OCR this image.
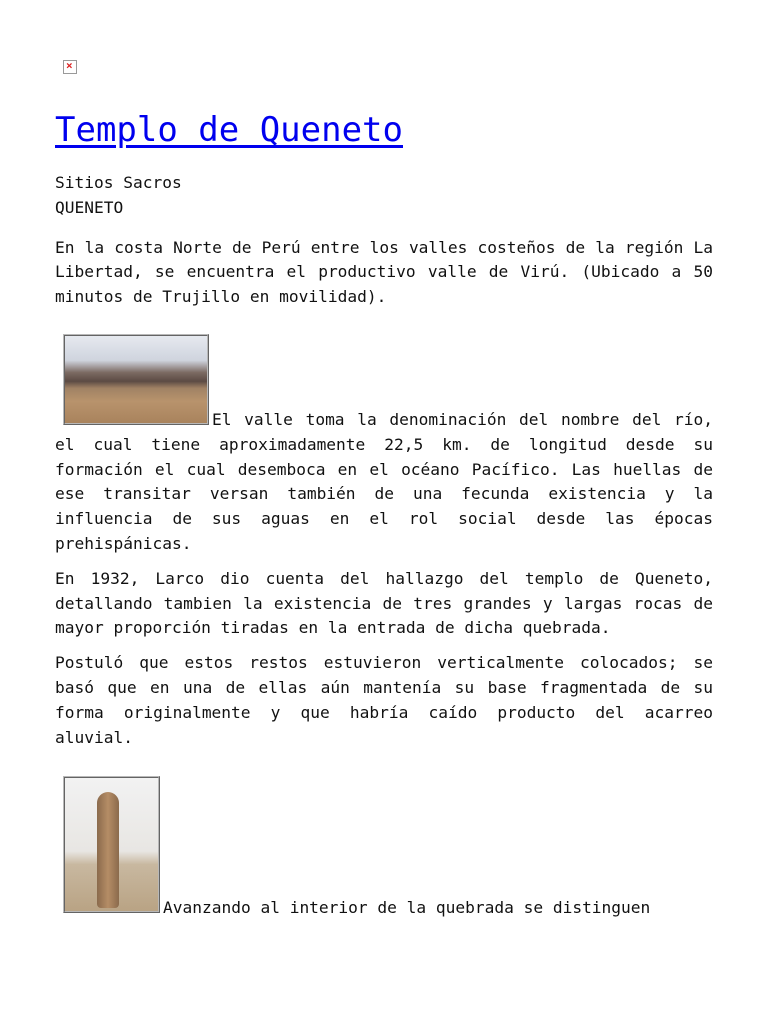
×
Templo de Queneto

Sitios Sacros

QUENETO

En la costa Norte de Perú entre los valles costeños de la región La Libertad, se encuentra el productivo valle de Virú. (Ubicado a 50 minutos de Trujillo en movilidad).

El valle toma la denominación del nombre del río, el cual tiene aproximadamente 22,5 km. de longitud desde su formación el cual desemboca en el océano Pacífico. Las huellas de ese transitar versan también de una fecunda existencia y la influencia de sus aguas en el rol social desde las épocas prehispánicas.

En 1932, Larco dio cuenta del hallazgo del templo de Queneto, detallando tambien la existencia de tres grandes y largas rocas de mayor proporción tiradas en la entrada de dicha quebrada.

Postuló que estos restos estuvieron verticalmente colocados; se basó que en una de ellas aún mantenía su base fragmentada de su forma originalmente y que habría caído producto del acarreo aluvial.

Avanzando al interior de la quebrada se distinguen
